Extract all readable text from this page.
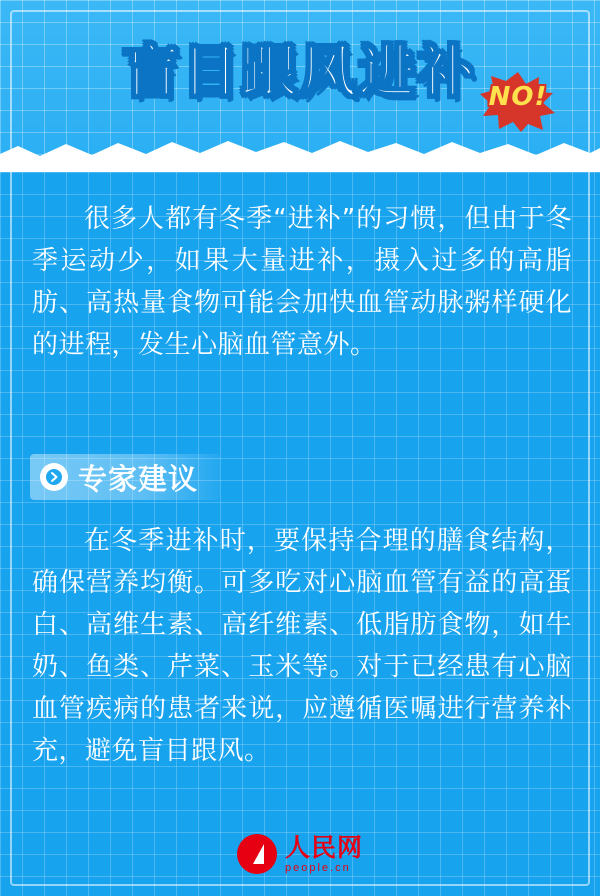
盲目跟风进补 NO!

很多人都有冬季“进补”的习惯，但由于冬季运动少，如果大量进补，摄入过多的高脂肪、高热量食物可能会加快血管动脉粥样硬化的进程，发生心脑血管意外。

专家建议

在冬季进补时，要保持合理的膳食结构，确保营养均衡。可多吃对心脑血管有益的高蛋白、高维生素、高纤维素、低脂肪食物，如牛奶、鱼类、芹菜、玉米等。对于已经患有心脑血管疾病的患者来说，应遵循医嘱进行营养补充，避免盲目跟风。

人民网
people.cn
